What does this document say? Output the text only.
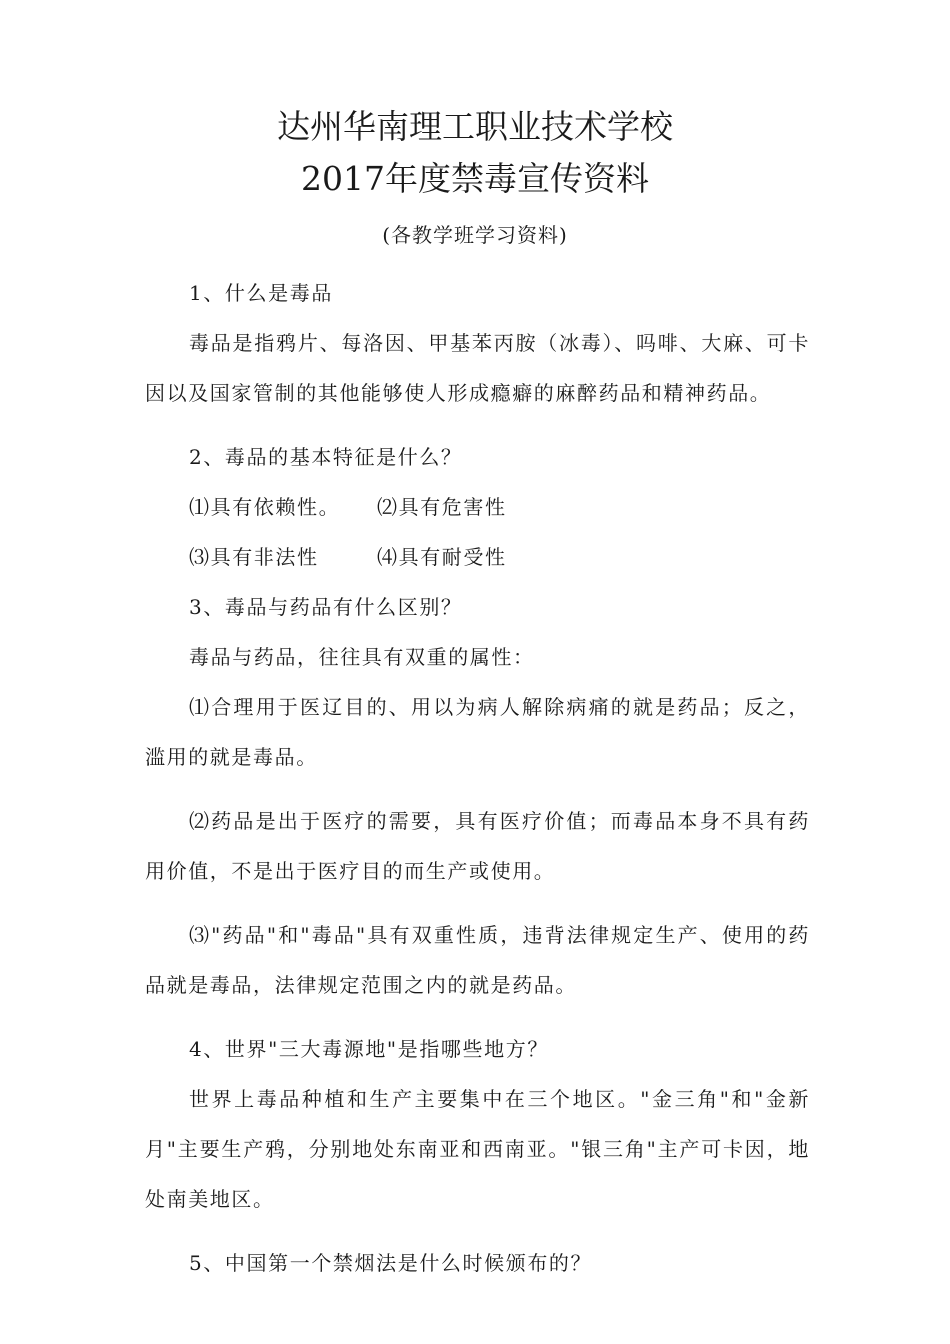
达州华南理工职业技术学校
2017年度禁毒宣传资料
(各教学班学习资料)

1、什么是毒品

毒品是指鸦片、每洛因、甲基苯丙胺（冰毒）、吗啡、大麻、可卡因以及国家管制的其他能够使人形成瘾癖的麻醉药品和精神药品。

2、毒品的基本特征是什么？

⑴具有依赖性。	⑵具有危害性
⑶具有非法性	⑷具有耐受性

3、毒品与药品有什么区别？

毒品与药品，往往具有双重的属性：

⑴合理用于医辽目的、用以为病人解除病痛的就是药品；反之，滥用的就是毒品。

⑵药品是出于医疗的需要，具有医疗价值；而毒品本身不具有药用价值，不是出于医疗目的而生产或使用。

⑶"药品"和"毒品"具有双重性质，违背法律规定生产、使用的药品就是毒品，法律规定范围之内的就是药品。

4、世界"三大毒源地"是指哪些地方？

世界上毒品种植和生产主要集中在三个地区。"金三角"和"金新月"主要生产鸦，分别地处东南亚和西南亚。"银三角"主产可卡因，地处南美地区。

5、中国第一个禁烟法是什么时候颁布的？
